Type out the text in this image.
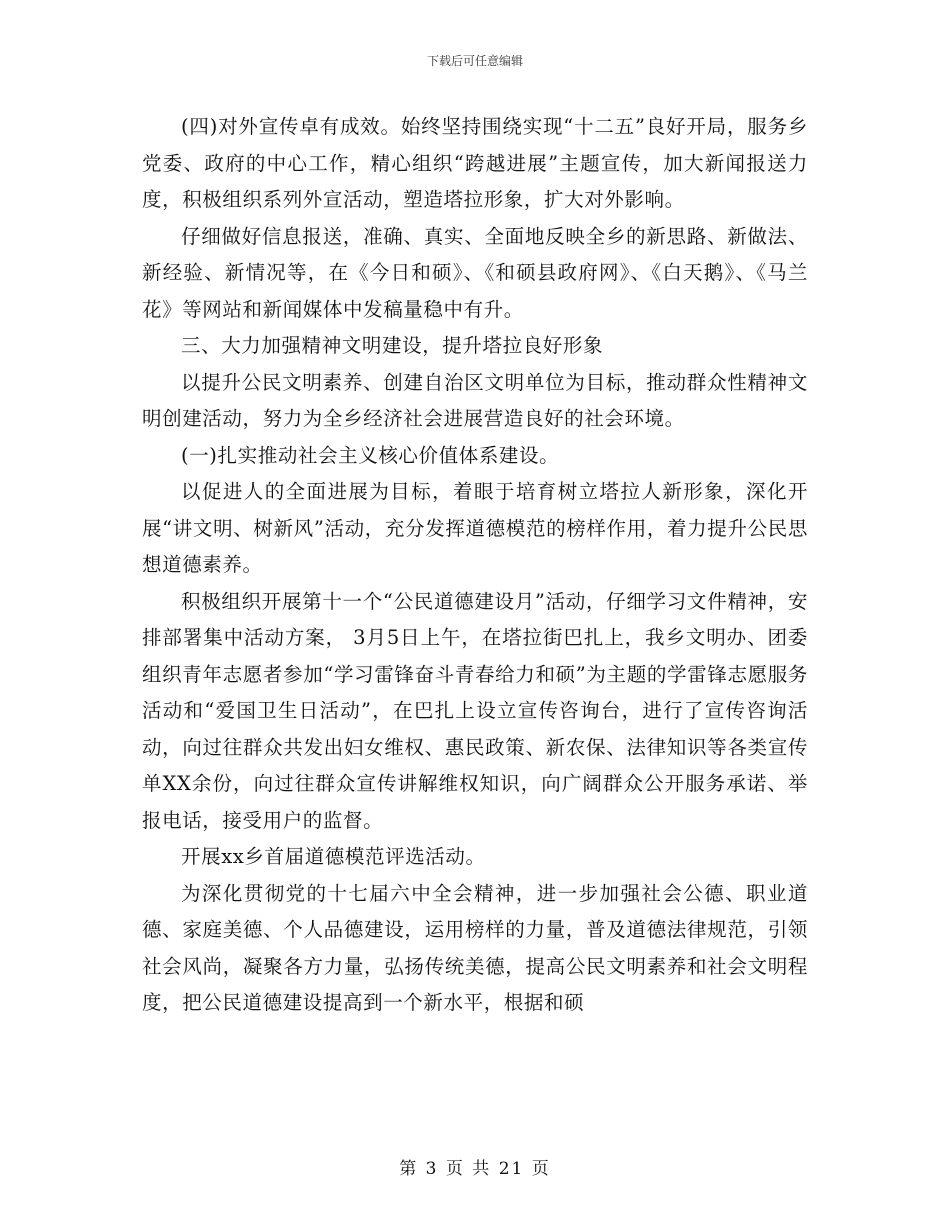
下载后可任意编辑

(四)对外宣传卓有成效。始终坚持围绕实现“十二五”良好开局，服务乡党委、政府的中心工作，精心组织“跨越进展”主题宣传，加大新闻报送力度，积极组织系列外宣活动，塑造塔拉形象，扩大对外影响。

仔细做好信息报送，准确、真实、全面地反映全乡的新思路、新做法、新经验、新情况等，在《今日和硕》、《和硕县政府网》、《白天鹅》、《马兰花》等网站和新闻媒体中发稿量稳中有升。

三、大力加强精神文明建设，提升塔拉良好形象

以提升公民文明素养、创建自治区文明单位为目标，推动群众性精神文明创建活动，努力为全乡经济社会进展营造良好的社会环境。

(一)扎实推动社会主义核心价值体系建设。

以促进人的全面进展为目标，着眼于培育树立塔拉人新形象，深化开展“讲文明、树新风”活动，充分发挥道德模范的榜样作用，着力提升公民思想道德素养。

积极组织开展第十一个“公民道德建设月”活动，仔细学习文件精神，安排部署集中活动方案， 3月5日上午，在塔拉街巴扎上，我乡文明办、团委组织青年志愿者参加“学习雷锋奋斗青春给力和硕”为主题的学雷锋志愿服务活动和“爱国卫生日活动”，在巴扎上设立宣传咨询台，进行了宣传咨询活动，向过往群众共发出妇女维权、惠民政策、新农保、法律知识等各类宣传单XX余份，向过往群众宣传讲解维权知识，向广阔群众公开服务承诺、举报电话，接受用户的监督。

开展xx乡首届道德模范评选活动。

为深化贯彻党的十七届六中全会精神，进一步加强社会公德、职业道德、家庭美德、个人品德建设，运用榜样的力量，普及道德法律规范，引领社会风尚，凝聚各方力量，弘扬传统美德，提高公民文明素养和社会文明程度，把公民道德建设提高到一个新水平，根据和硕

第 3 页 共 21 页
